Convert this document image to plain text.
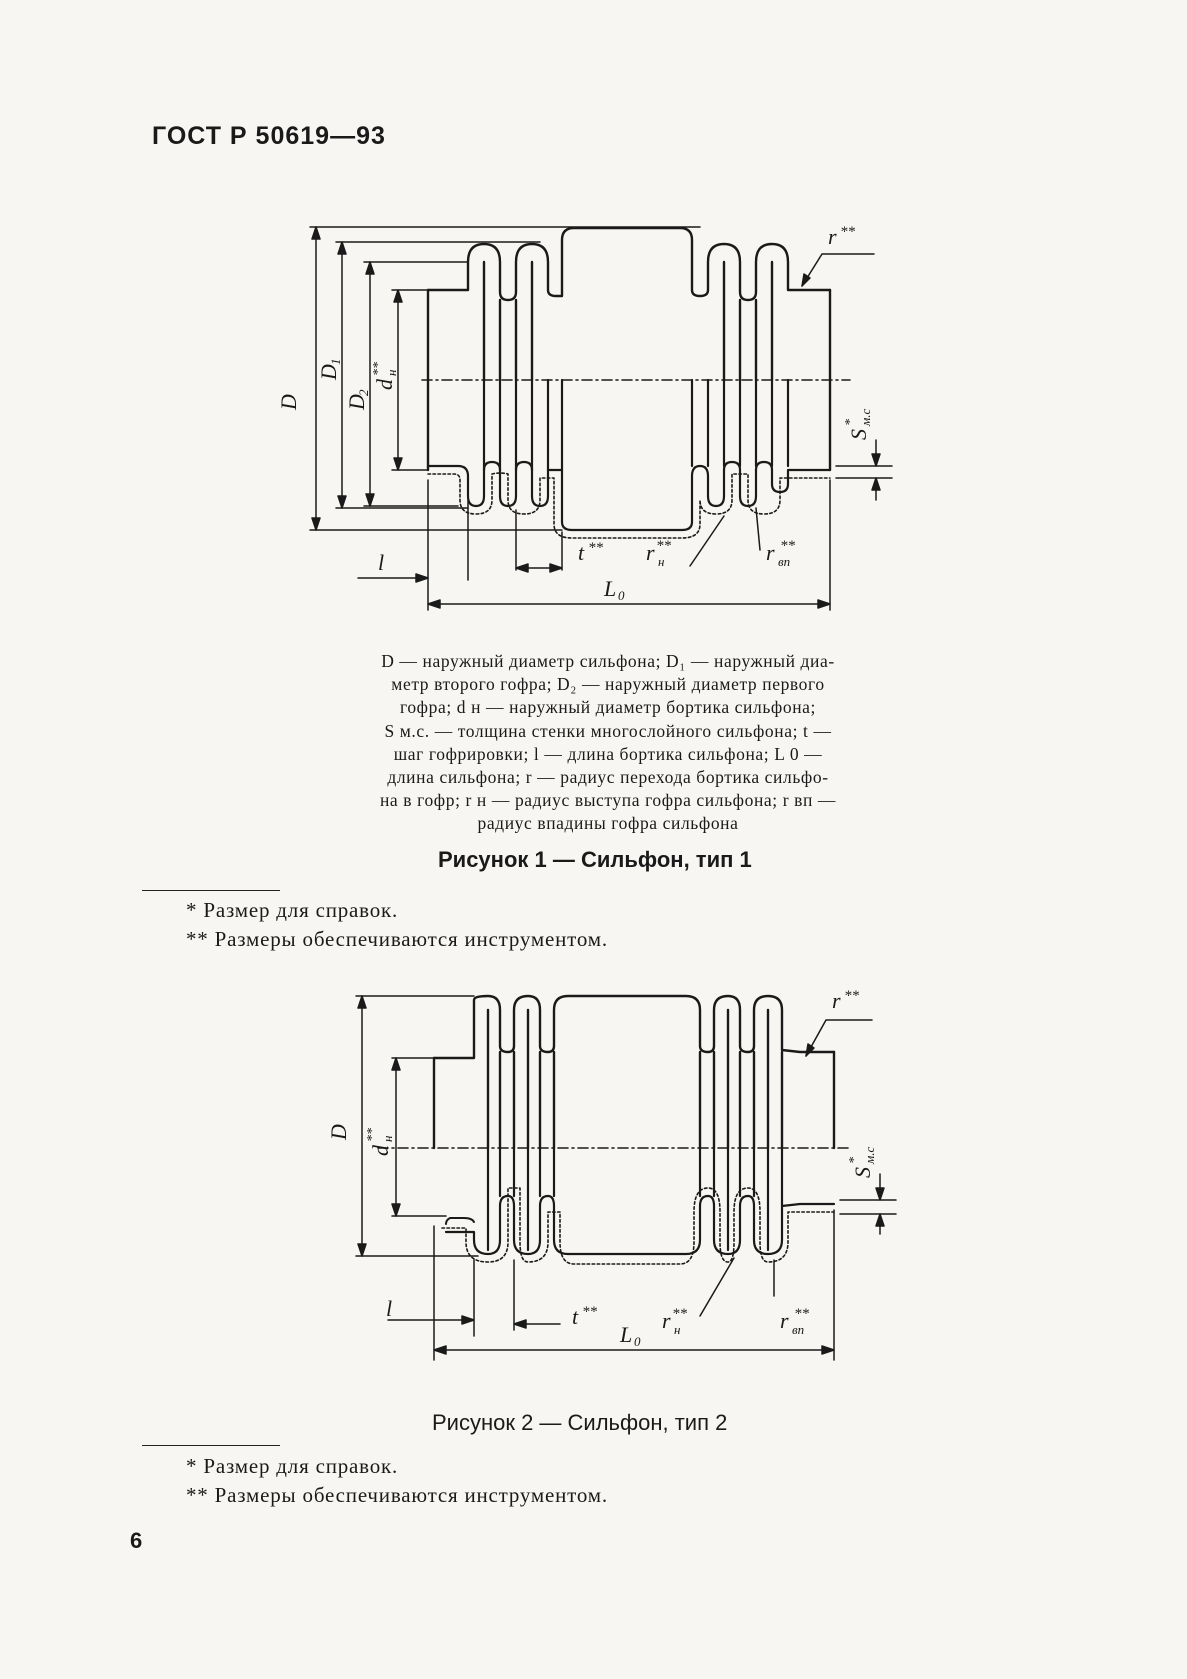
ГОСТ Р 50619—93
D
D
1
D
2
d
**
н
r **
S
* м.с
t ** r **
н	r **
вп
l
L 0
D — наружный диаметр сильфона; D₁ — наружный диа-
метр второго гофра; D₂ — наружный диаметр первого
гофра; d н — наружный диаметр бортика сильфона;
S м.с. — толщина стенки многослойного сильфона; t —
шаг гофрировки; l — длина бортика сильфона; L 0 —
длина сильфона; r — радиус перехода бортика сильфо-
на в гофр; r н — радиус выступа гофра сильфона; r вп —
радиус впадины гофра сильфона
Рисунок 1 — Сильфон, тип 1
* Размер для справок.
** Размеры обеспечиваются инструментом.
D
d
** н
r **
S
* м.с
t **	r **
н	r **
вп
l
L 0
Рисунок 2 — Сильфон, тип 2
* Размер для справок.
** Размеры обеспечиваются инструментом.
6
